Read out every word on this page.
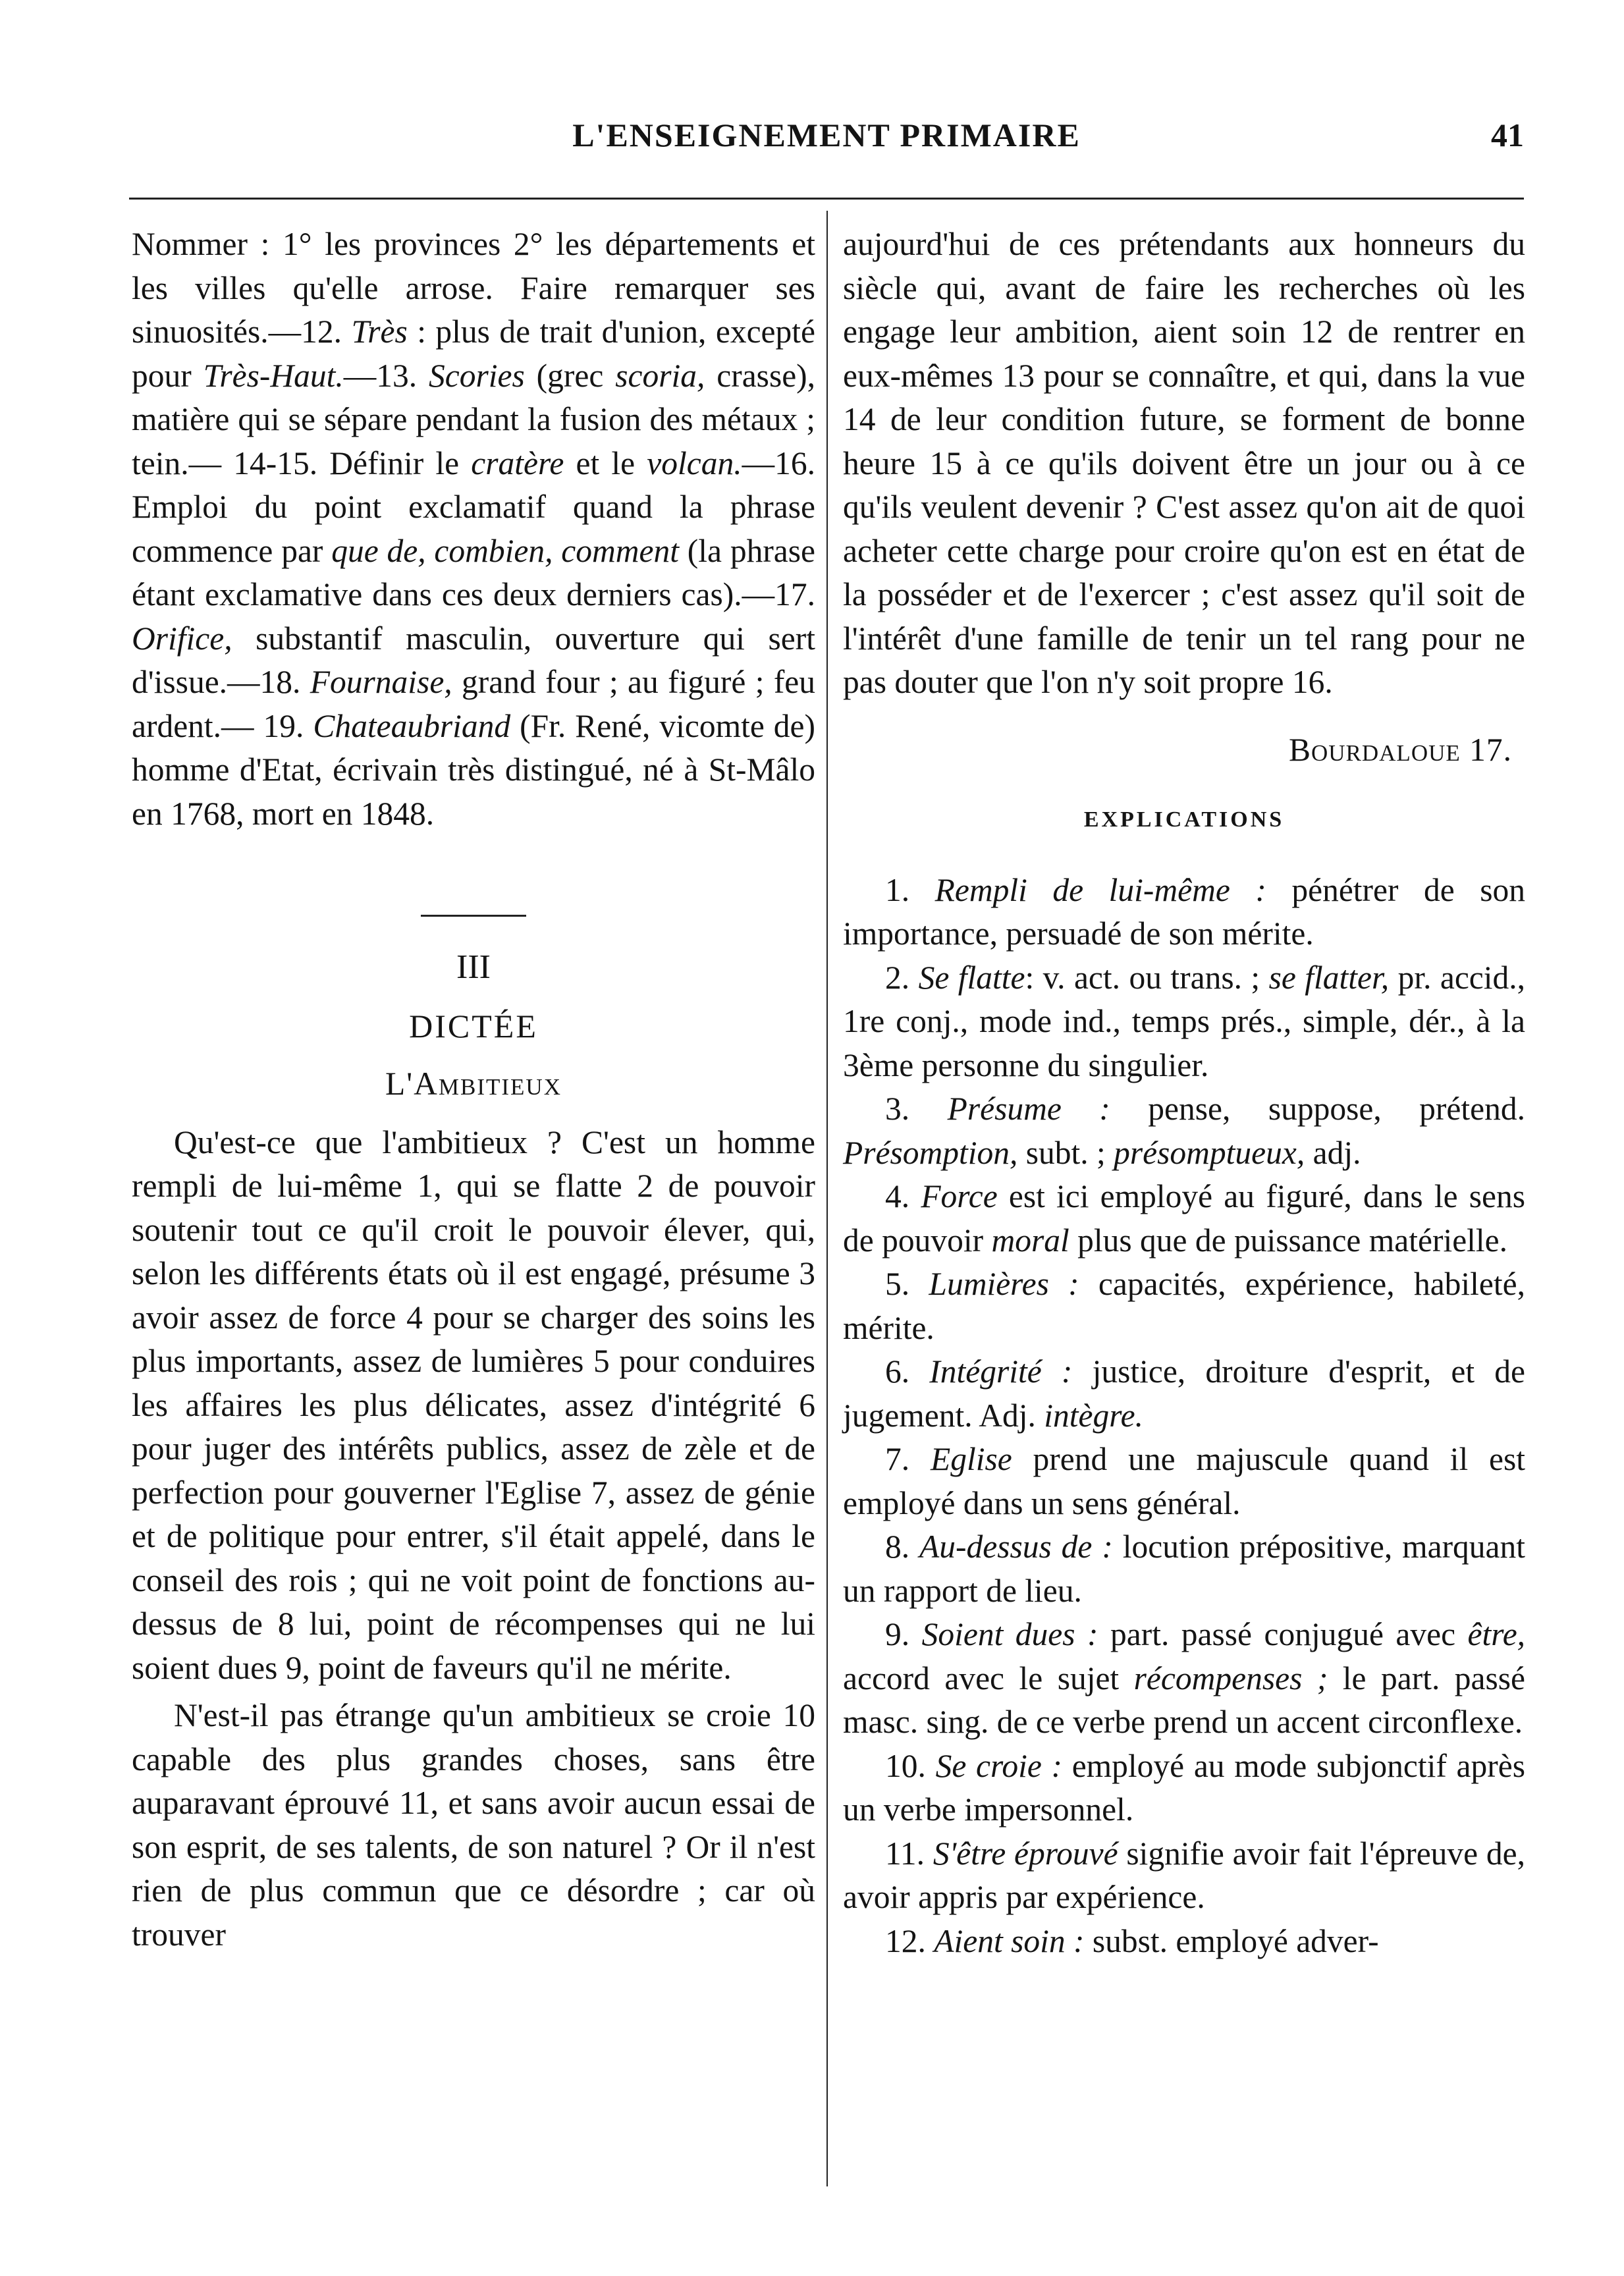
L'ENSEIGNEMENT PRIMAIRE	41

Nommer : 1° les provinces 2° les départements et les villes qu'elle arrose. Faire remarquer ses sinuosités.—12. Très : plus de trait d'union, excepté pour Très-Haut.—13. Scories (grec scoria, crasse), matière qui se sépare pendant la fusion des métaux ; tein.— 14-15. Définir le cratère et le volcan.—16. Emploi du point exclamatif quand la phrase commence par que de, combien, comment (la phrase étant exclamative dans ces deux derniers cas).—17. Orifice, substantif masculin, ouverture qui sert d'issue.—18. Fournaise, grand four ; au figuré ; feu ardent.— 19. Chateaubriand (Fr. René, vicomte de) homme d'Etat, écrivain très distingué, né à St-Mâlo en 1768, mort en 1848.

III

DICTÉE

L'Ambitieux

Qu'est-ce que l'ambitieux ? C'est un homme rempli de lui-même 1, qui se flatte 2 de pouvoir soutenir tout ce qu'il croit le pouvoir élever, qui, selon les différents états où il est engagé, présume 3 avoir assez de force 4 pour se charger des soins les plus importants, assez de lumières 5 pour conduires les affaires les plus délicates, assez d'intégrité 6 pour juger des intérêts publics, assez de zèle et de perfection pour gouverner l'Eglise 7, assez de génie et de politique pour entrer, s'il était appelé, dans le conseil des rois ; qui ne voit point de fonctions au-dessus de 8 lui, point de récompenses qui ne lui soient dues 9, point de faveurs qu'il ne mérite.

N'est-il pas étrange qu'un ambitieux se croie 10 capable des plus grandes choses, sans être auparavant éprouvé 11, et sans avoir aucun essai de son esprit, de ses talents, de son naturel ? Or il n'est rien de plus commun que ce désordre ; car où trouver

aujourd'hui de ces prétendants aux honneurs du siècle qui, avant de faire les recherches où les engage leur ambition, aient soin 12 de rentrer en eux-mêmes 13 pour se connaître, et qui, dans la vue 14 de leur condition future, se forment de bonne heure 15 à ce qu'ils doivent être un jour ou à ce qu'ils veulent devenir ? C'est assez qu'on ait de quoi acheter cette charge pour croire qu'on est en état de la posséder et de l'exercer ; c'est assez qu'il soit de l'intérêt d'une famille de tenir un tel rang pour ne pas douter que l'on n'y soit propre 16.

Bourdaloue 17.

EXPLICATIONS

1. Rempli de lui-même : pénétrer de son importance, persuadé de son mérite.

2. Se flatte: v. act. ou trans. ; se flatter, pr. accid., 1re conj., mode ind., temps prés., simple, dér., à la 3ème personne du singulier.

3. Présume : pense, suppose, prétend. Présomption, subt. ; présomptueux, adj.

4. Force est ici employé au figuré, dans le sens de pouvoir moral plus que de puissance matérielle.

5. Lumières : capacités, expérience, habileté, mérite.

6. Intégrité : justice, droiture d'esprit, et de jugement. Adj. intègre.

7. Eglise prend une majuscule quand il est employé dans un sens général.

8. Au-dessus de : locution prépositive, marquant un rapport de lieu.

9. Soient dues : part. passé conjugué avec être, accord avec le sujet récompenses ; le part. passé masc. sing. de ce verbe prend un accent circonflexe.

10. Se croie : employé au mode subjonctif après un verbe impersonnel.

11. S'être éprouvé signifie avoir fait l'épreuve de, avoir appris par expérience.

12. Aient soin : subst. employé adver-
